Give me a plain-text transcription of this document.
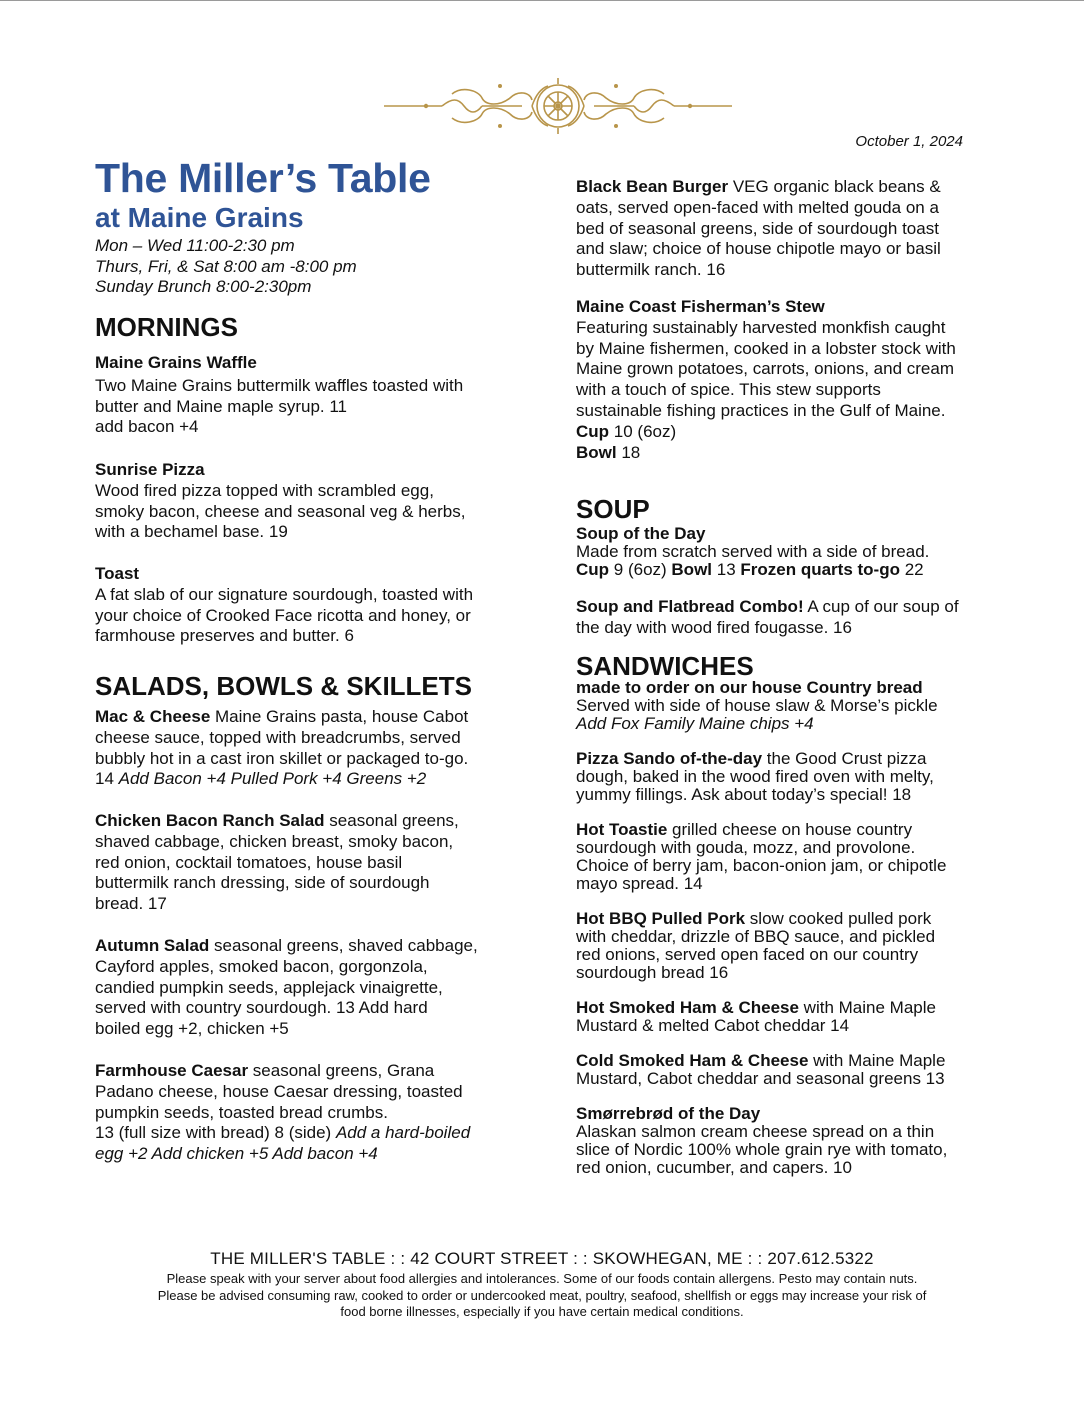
October 1, 2024
The Miller’s Table
at Maine Grains
Mon – Wed 11:00-2:30 pm
Thurs, Fri, & Sat 8:00 am -8:00 pm
Sunday Brunch 8:00-2:30pm
MORNINGS
Maine Grains Waffle
Two Maine Grains buttermilk waffles toasted with
butter and Maine maple syrup. 11
add bacon +4
Sunrise Pizza
Wood fired pizza topped with scrambled egg,
smoky bacon, cheese and seasonal veg & herbs,
with a bechamel base. 19
Toast
A fat slab of our signature sourdough, toasted with
your choice of Crooked Face ricotta and honey, or
farmhouse preserves and butter. 6
SALADS, BOWLS & SKILLETS
Mac & Cheese Maine Grains pasta, house Cabot
cheese sauce, topped with breadcrumbs, served
bubbly hot in a cast iron skillet or packaged to-go.
14 Add Bacon +4 Pulled Pork +4 Greens +2
Chicken Bacon Ranch Salad seasonal greens,
shaved cabbage, chicken breast, smoky bacon,
red onion, cocktail tomatoes, house basil
buttermilk ranch dressing, side of sourdough
bread. 17
Autumn Salad seasonal greens, shaved cabbage,
Cayford apples, smoked bacon, gorgonzola,
candied pumpkin seeds, applejack vinaigrette,
served with country sourdough. 13 Add hard
boiled egg +2, chicken +5
Farmhouse Caesar seasonal greens, Grana
Padano cheese, house Caesar dressing, toasted
pumpkin seeds, toasted bread crumbs.
13 (full size with bread) 8 (side) Add a hard-boiled
egg +2 Add chicken +5 Add bacon +4
Black Bean Burger VEG organic black beans &
oats, served open-faced with melted gouda on a
bed of seasonal greens, side of sourdough toast
and slaw; choice of house chipotle mayo or basil
buttermilk ranch. 16
Maine Coast Fisherman’s Stew
Featuring sustainably harvested monkfish caught
by Maine fishermen, cooked in a lobster stock with
Maine grown potatoes, carrots, onions, and cream
with a touch of spice. This stew supports
sustainable fishing practices in the Gulf of Maine.
Cup 10 (6oz)
Bowl 18
SOUP
Soup of the Day
Made from scratch served with a side of bread.
Cup 9 (6oz) Bowl 13 Frozen quarts to-go 22
Soup and Flatbread Combo! A cup of our soup of
the day with wood fired fougasse. 16
SANDWICHES
made to order on our house Country bread
Served with side of house slaw & Morse’s pickle
Add Fox Family Maine chips +4
Pizza Sando of-the-day the Good Crust pizza
dough, baked in the wood fired oven with melty,
yummy fillings. Ask about today’s special! 18
Hot Toastie grilled cheese on house country
sourdough with gouda, mozz, and provolone.
Choice of berry jam, bacon-onion jam, or chipotle
mayo spread. 14
Hot BBQ Pulled Pork slow cooked pulled pork
with cheddar, drizzle of BBQ sauce, and pickled
red onions, served open faced on our country
sourdough bread 16
Hot Smoked Ham & Cheese with Maine Maple
Mustard & melted Cabot cheddar 14
Cold Smoked Ham & Cheese with Maine Maple
Mustard, Cabot cheddar and seasonal greens 13
Smørrebrød of the Day
Alaskan salmon cream cheese spread on a thin
slice of Nordic 100% whole grain rye with tomato,
red onion, cucumber, and capers. 10
THE MILLER'S TABLE : : 42 COURT STREET : : SKOWHEGAN, ME : : 207.612.5322
Please speak with your server about food allergies and intolerances. Some of our foods contain allergens. Pesto may contain nuts.
Please be advised consuming raw, cooked to order or undercooked meat, poultry, seafood, shellfish or eggs may increase your risk of
food borne illnesses, especially if you have certain medical conditions.
